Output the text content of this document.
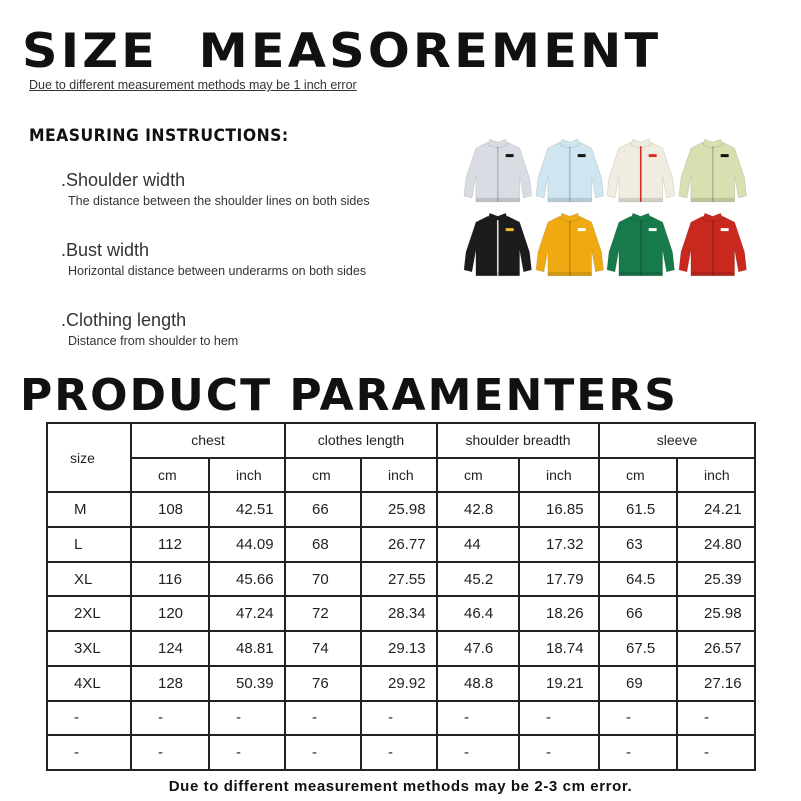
SIZE  MEASOREMENT
Due to different measurement methods may be 1 inch error
MEASURING INSTRUCTIONS:
.Shoulder width
The distance between the shoulder lines on both sides
.Bust width
Horizontal distance between underarms on both sides
.Clothing length
Distance from shoulder to hem
PRODUCT PARAMENTERS
size	chest		clothes length		shoulder breadth		sleeve	
	cm	inch	cm	inch	cm	inch	cm	inch
M	108	42.51	66	25.98	42.8	16.85	61.5	24.21
L	112	44.09	68	26.77	44	17.32	63	24.80
XL	116	45.66	70	27.55	45.2	17.79	64.5	25.39
2XL	120	47.24	72	28.34	46.4	18.26	66	25.98
3XL	124	48.81	74	29.13	47.6	18.74	67.5	26.57
4XL	128	50.39	76	29.92	48.8	19.21	69	27.16
-	-	-	-	-	-	-	-	-
-	-	-	-	-	-	-	-	-
Due to different measurement methods may be 2-3 cm error.
